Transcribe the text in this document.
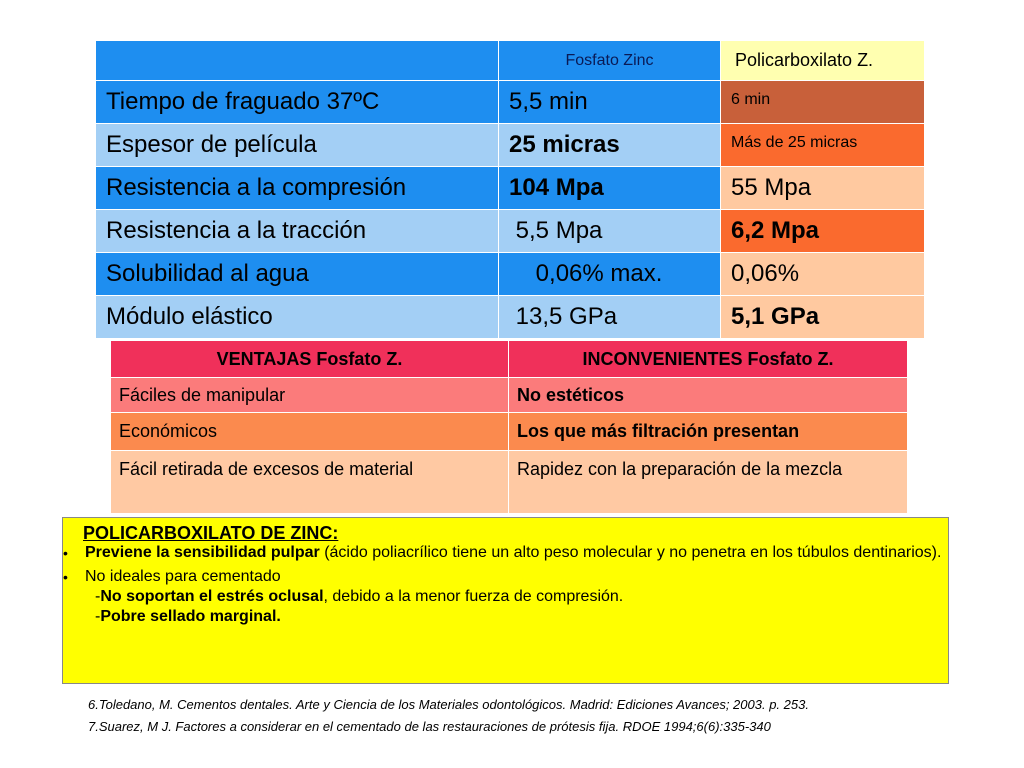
	Fosfato Zinc	Policarboxilato Z.
Tiempo de fraguado 37ºC	5,5 min	6 min
Espesor de película	25 micras	Más de 25 micras
Resistencia a la compresión	104 Mpa	55 Mpa
Resistencia a la tracción	5,5 Mpa	6,2 Mpa
Solubilidad al agua	0,06% max.	0,06%
Módulo elástico	13,5 GPa	5,1 GPa
VENTAJAS Fosfato Z.	INCONVENIENTES Fosfato Z.
Fáciles de manipular	No estéticos
Económicos	Los que más filtración presentan
Fácil retirada de excesos de material	Rapidez con la preparación de la mezcla
POLICARBOXILATO DE ZINC:
• Previene la sensibilidad pulpar (ácido poliacrílico tiene un alto peso molecular y no penetra en los túbulos dentinarios).
• No ideales para cementado
-No soportan el estrés oclusal, debido a la menor fuerza de compresión.
-Pobre sellado marginal.
6.Toledano, M. Cementos dentales. Arte y Ciencia de los Materiales odontológicos. Madrid: Ediciones Avances; 2003. p. 253.
7.Suarez, M J. Factores a considerar en el cementado de las restauraciones de prótesis fija. RDOE 1994;6(6):335-340
